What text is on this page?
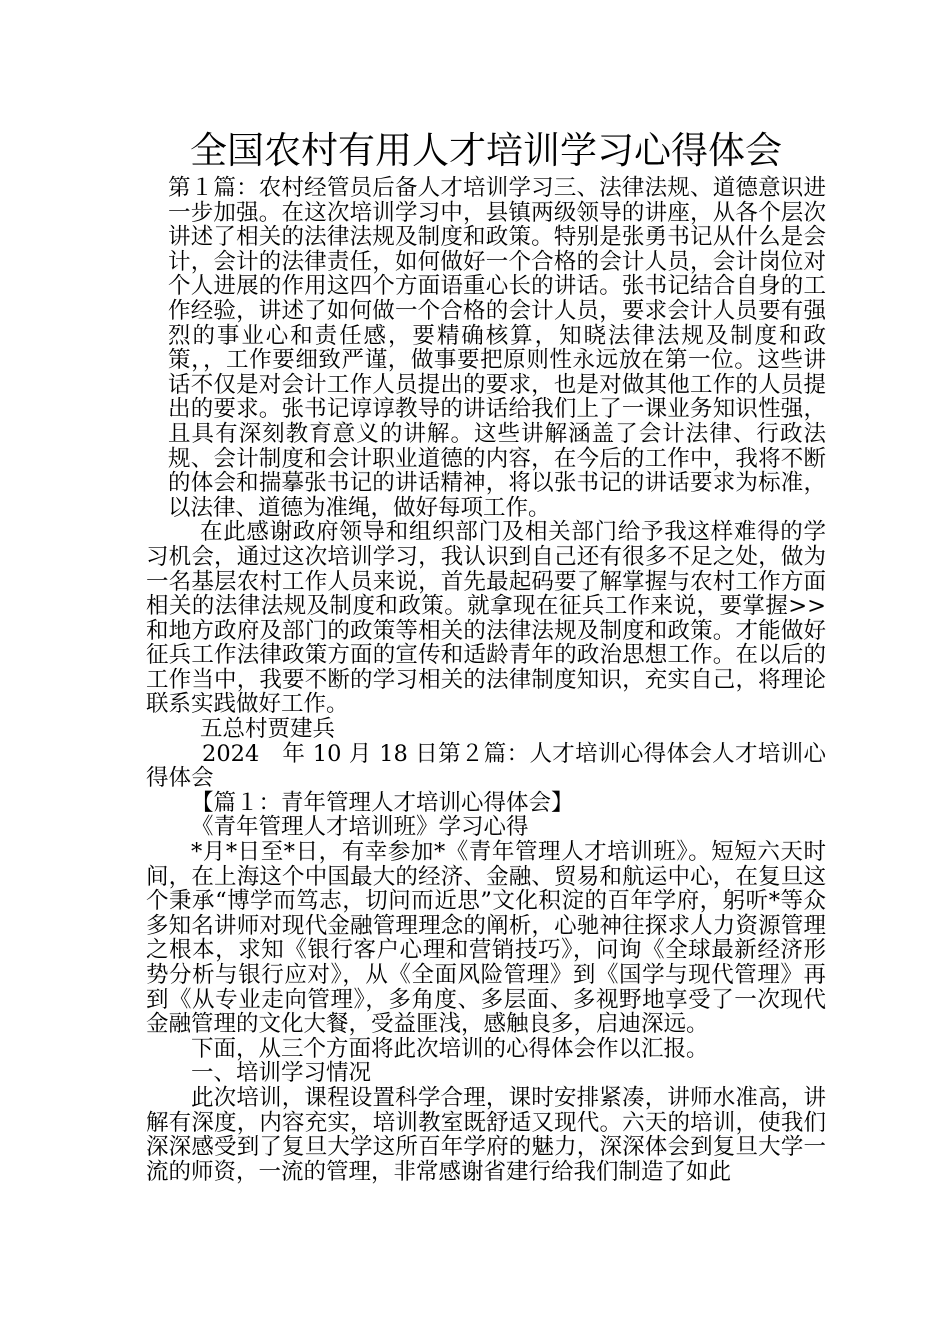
全国农村有用人才培训学习心得体会

第１篇：农村经管员后备人才培训学习三、法律法规、道德意识进一步加强。在这次培训学习中，县镇两级领导的讲座，从各个层次讲述了相关的法律法规及制度和政策。特别是张勇书记从什么是会计，会计的法律责任，如何做好一个合格的会计人员，会计岗位对个人进展的作用这四个方面语重心长的讲话。张书记结合自身的工作经验，讲述了如何做一个合格的会计人员，要求会计人员要有强烈的事业心和责任感，要精确核算，知晓法律法规及制度和政策，，工作要细致严谨，做事要把原则性永远放在第一位。这些讲话不仅是对会计工作人员提出的要求，也是对做其他工作的人员提出的要求。张书记谆谆教导的讲话给我们上了一课业务知识性强，且具有深刻教育意义的讲解。这些讲解涵盖了会计法律、行政法规、会计制度和会计职业道德的内容，在今后的工作中，我将不断的体会和揣摹张书记的讲话精神，将以张书记的讲话要求为标准，以法律、道德为准绳，做好每项工作。

在此感谢政府领导和组织部门及相关部门给予我这样难得的学习机会，通过这次培训学习，我认识到自己还有很多不足之处，做为一名基层农村工作人员来说，首先最起码要了解掌握与农村工作方面相关的法律法规及制度和政策。就拿现在征兵工作来说，要掌握>>和地方政府及部门的政策等相关的法律法规及制度和政策。才能做好征兵工作法律政策方面的宣传和适龄青年的政治思想工作。在以后的工作当中，我要不断的学习相关的法律制度知识，充实自己，将理论联系实践做好工作。

五总村贾建兵

2024　年 10 月 18 日第２篇：人才培训心得体会人才培训心得体会

【篇１：青年管理人才培训心得体会】

《青年管理人才培训班》学习心得

*月*日至*日，有幸参加*《青年管理人才培训班》。短短六天时间，在上海这个中国最大的经济、金融、贸易和航运中心，在复旦这个秉承“博学而笃志，切问而近思”文化积淀的百年学府，躬听*等众多知名讲师对现代金融管理理念的阐析，心驰神往探求人力资源管理之根本，求知《银行客户心理和营销技巧》，问询《全球最新经济形势分析与银行应对》，从《全面风险管理》到《国学与现代管理》再到《从专业走向管理》，多角度、多层面、多视野地享受了一次现代金融管理的文化大餐，受益匪浅，感触良多，启迪深远。

下面，从三个方面将此次培训的心得体会作以汇报。

一、培训学习情况

此次培训，课程设置科学合理，课时安排紧凑，讲师水准高，讲解有深度，内容充实，培训教室既舒适又现代。六天的培训，使我们深深感受到了复旦大学这所百年学府的魅力，深深体会到复旦大学一流的师资，一流的管理，非常感谢省建行给我们制造了如此
